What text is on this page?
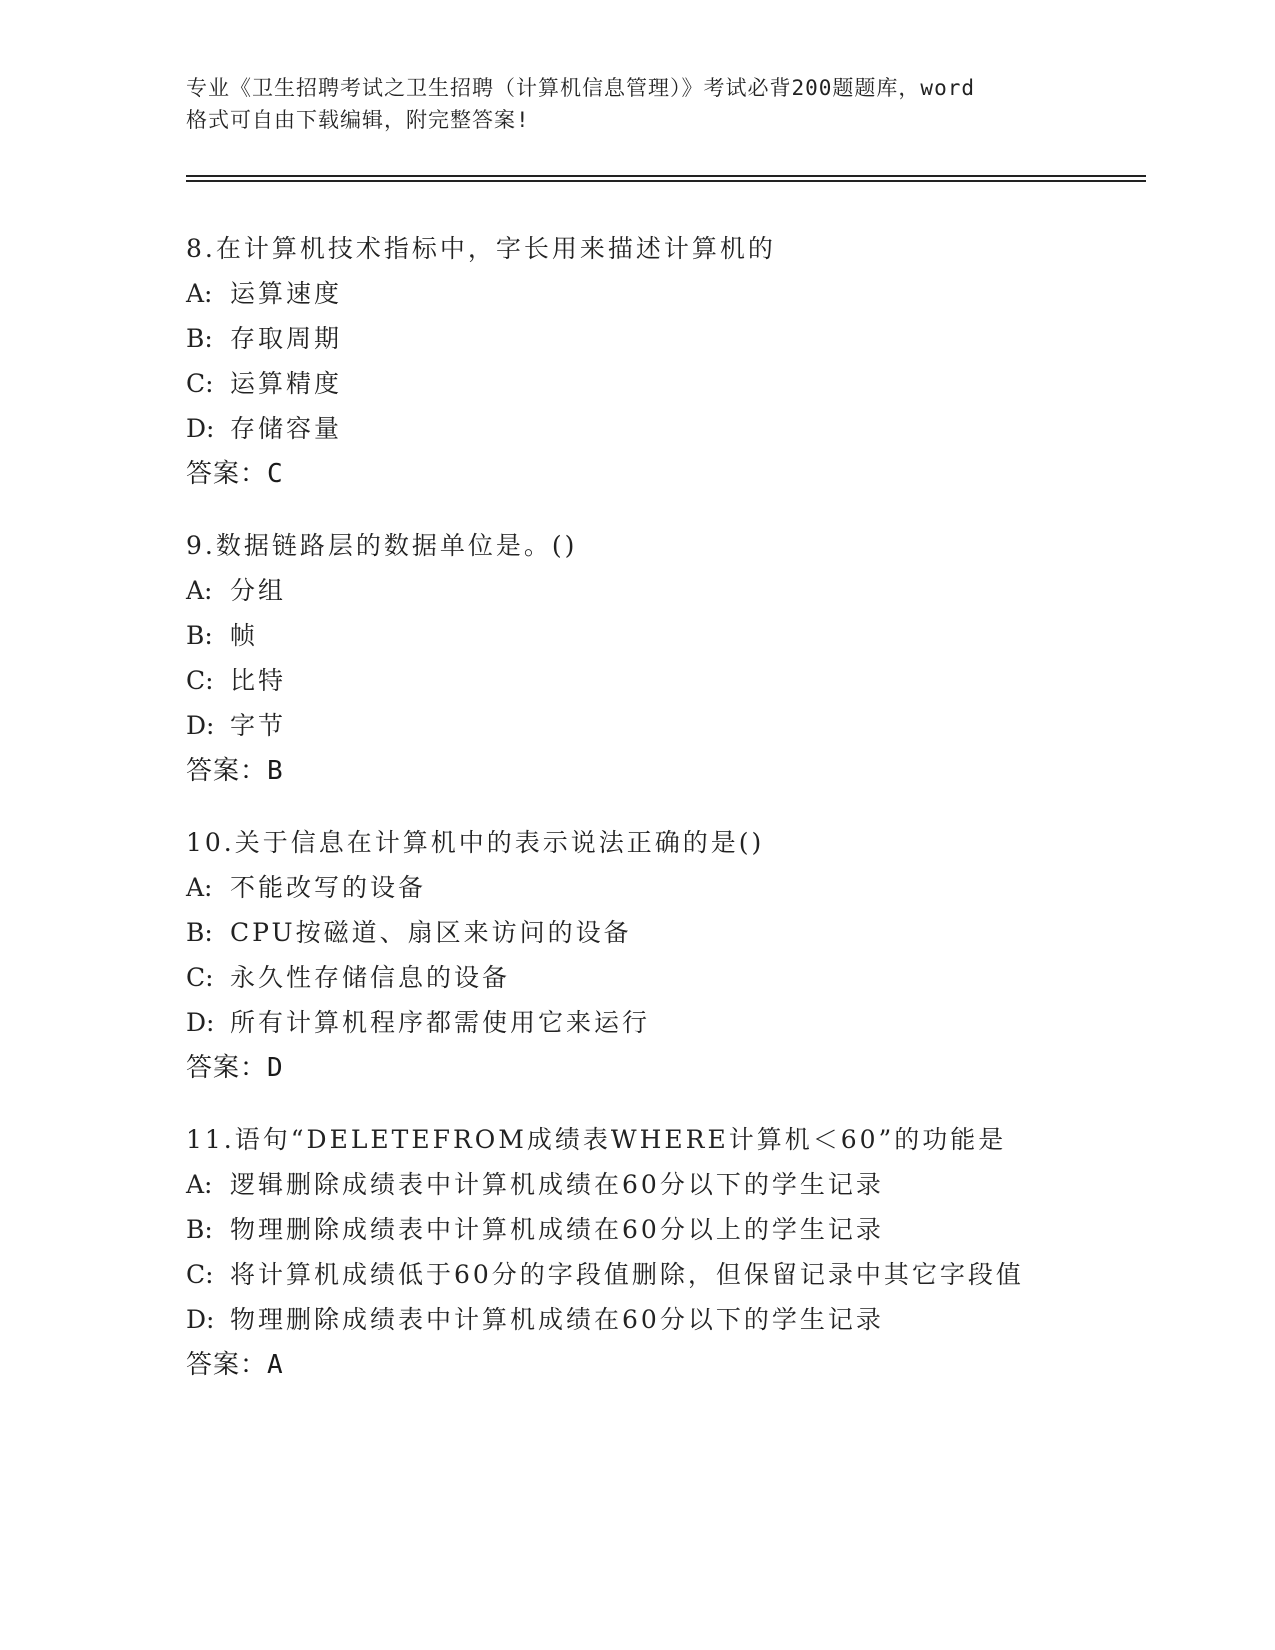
专业《卫生招聘考试之卫生招聘（计算机信息管理）》考试必背200题题库，word
格式可自由下载编辑，附完整答案!
8.在计算机技术指标中，字长用来描述计算机的
A: 运算速度
B: 存取周期
C: 运算精度
D: 存储容量
答案：C
9.数据链路层的数据单位是。()
A: 分组
B: 帧
C: 比特
D: 字节
答案：B
10.关于信息在计算机中的表示说法正确的是()
A: 不能改写的设备
B: CPU按磁道、扇区来访问的设备
C: 永久性存储信息的设备
D: 所有计算机程序都需使用它来运行
答案：D
11.语句“DELETEFROM成绩表WHERE计算机＜60”的功能是
A: 逻辑删除成绩表中计算机成绩在60分以下的学生记录
B: 物理删除成绩表中计算机成绩在60分以上的学生记录
C: 将计算机成绩低于60分的字段值删除，但保留记录中其它字段值
D: 物理删除成绩表中计算机成绩在60分以下的学生记录
答案：A
